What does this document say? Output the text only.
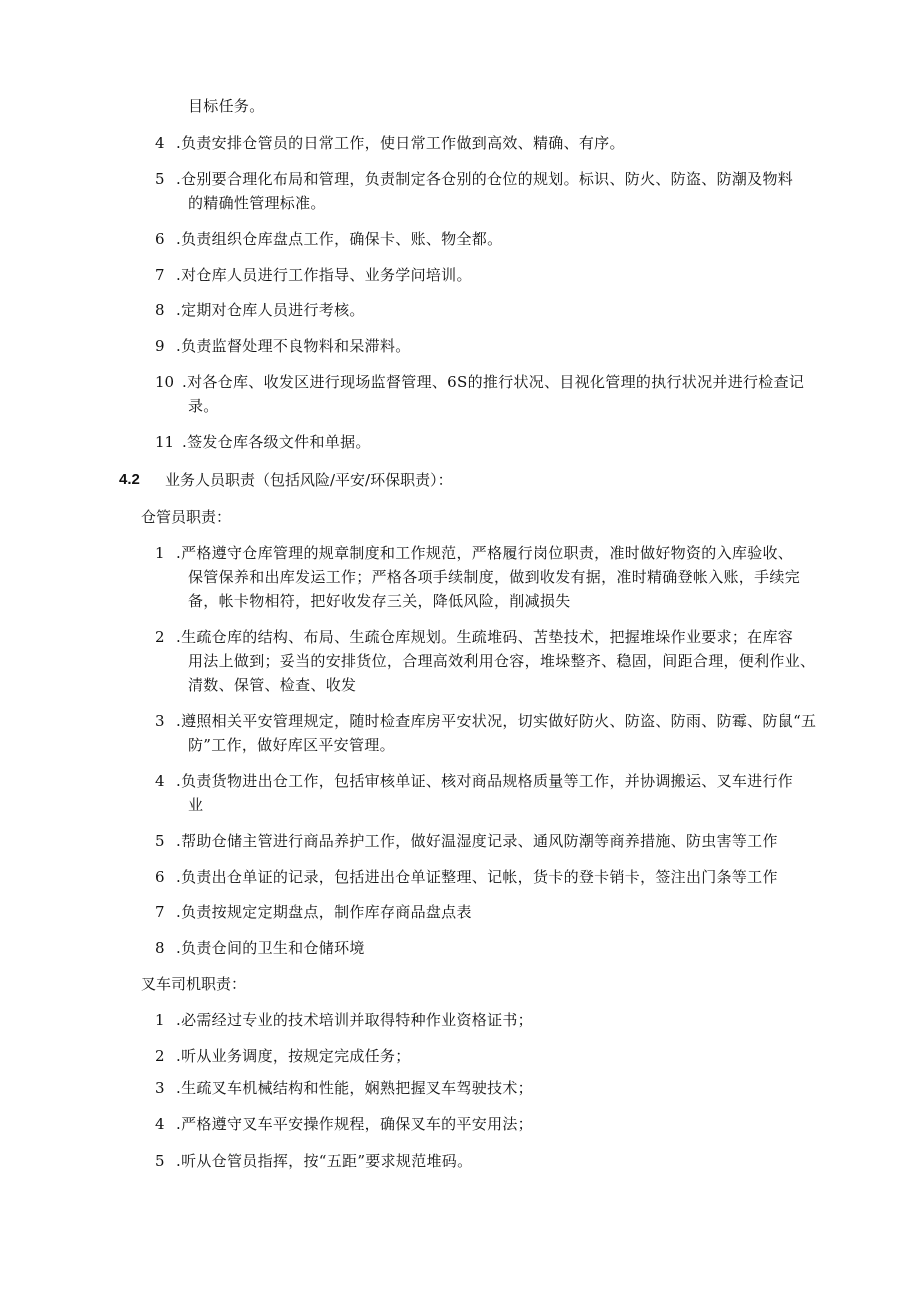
目标任务。
4 .负责安排仓管员的日常工作，使日常工作做到高效、精确、有序。
5 .仓别要合理化布局和管理，负责制定各仓别的仓位的规划。标识、防火、防盗、防潮及物料
的精确性管理标准。
6 .负责组织仓库盘点工作，确保卡、账、物全都。
7 .对仓库人员进行工作指导、业务学问培训。
8 .定期对仓库人员进行考核。
9 .负责监督处理不良物料和呆滞料。
10 .对各仓库、收发区进行现场监督管理、6S的推行状况、目视化管理的执行状况并进行检查记
录。
11 .签发仓库各级文件和单据。
4.2 业务人员职责（包括风险/平安/环保职责）：
仓管员职责：
1 .严格遵守仓库管理的规章制度和工作规范，严格履行岗位职责，准时做好物资的入库验收、
保管保养和出库发运工作；严格各项手续制度，做到收发有据，准时精确登帐入账，手续完
备，帐卡物相符，把好收发存三关，降低风险，削减损失
2 .生疏仓库的结构、布局、生疏仓库规划。生疏堆码、苫垫技术，把握堆垛作业要求；在库容
用法上做到；妥当的安排货位，合理高效利用仓容，堆垛整齐、稳固，间距合理，便利作业、
清数、保管、检查、收发
3 .遵照相关平安管理规定，随时检查库房平安状况，切实做好防火、防盗、防雨、防霉、防鼠“五
防”工作，做好库区平安管理。
4 .负责货物进出仓工作，包括审核单证、核对商品规格质量等工作，并协调搬运、叉车进行作
业
5 .帮助仓储主管进行商品养护工作，做好温湿度记录、通风防潮等商养措施、防虫害等工作
6 .负责出仓单证的记录，包括进出仓单证整理、记帐，货卡的登卡销卡，签注出门条等工作
7 .负责按规定定期盘点，制作库存商品盘点表
8 .负责仓间的卫生和仓储环境
叉车司机职责：
1 .必需经过专业的技术培训并取得特种作业资格证书；
2 .听从业务调度，按规定完成任务；
3 .生疏叉车机械结构和性能，娴熟把握叉车驾驶技术；
4 .严格遵守叉车平安操作规程，确保叉车的平安用法；
5 .听从仓管员指挥，按“五距”要求规范堆码。
